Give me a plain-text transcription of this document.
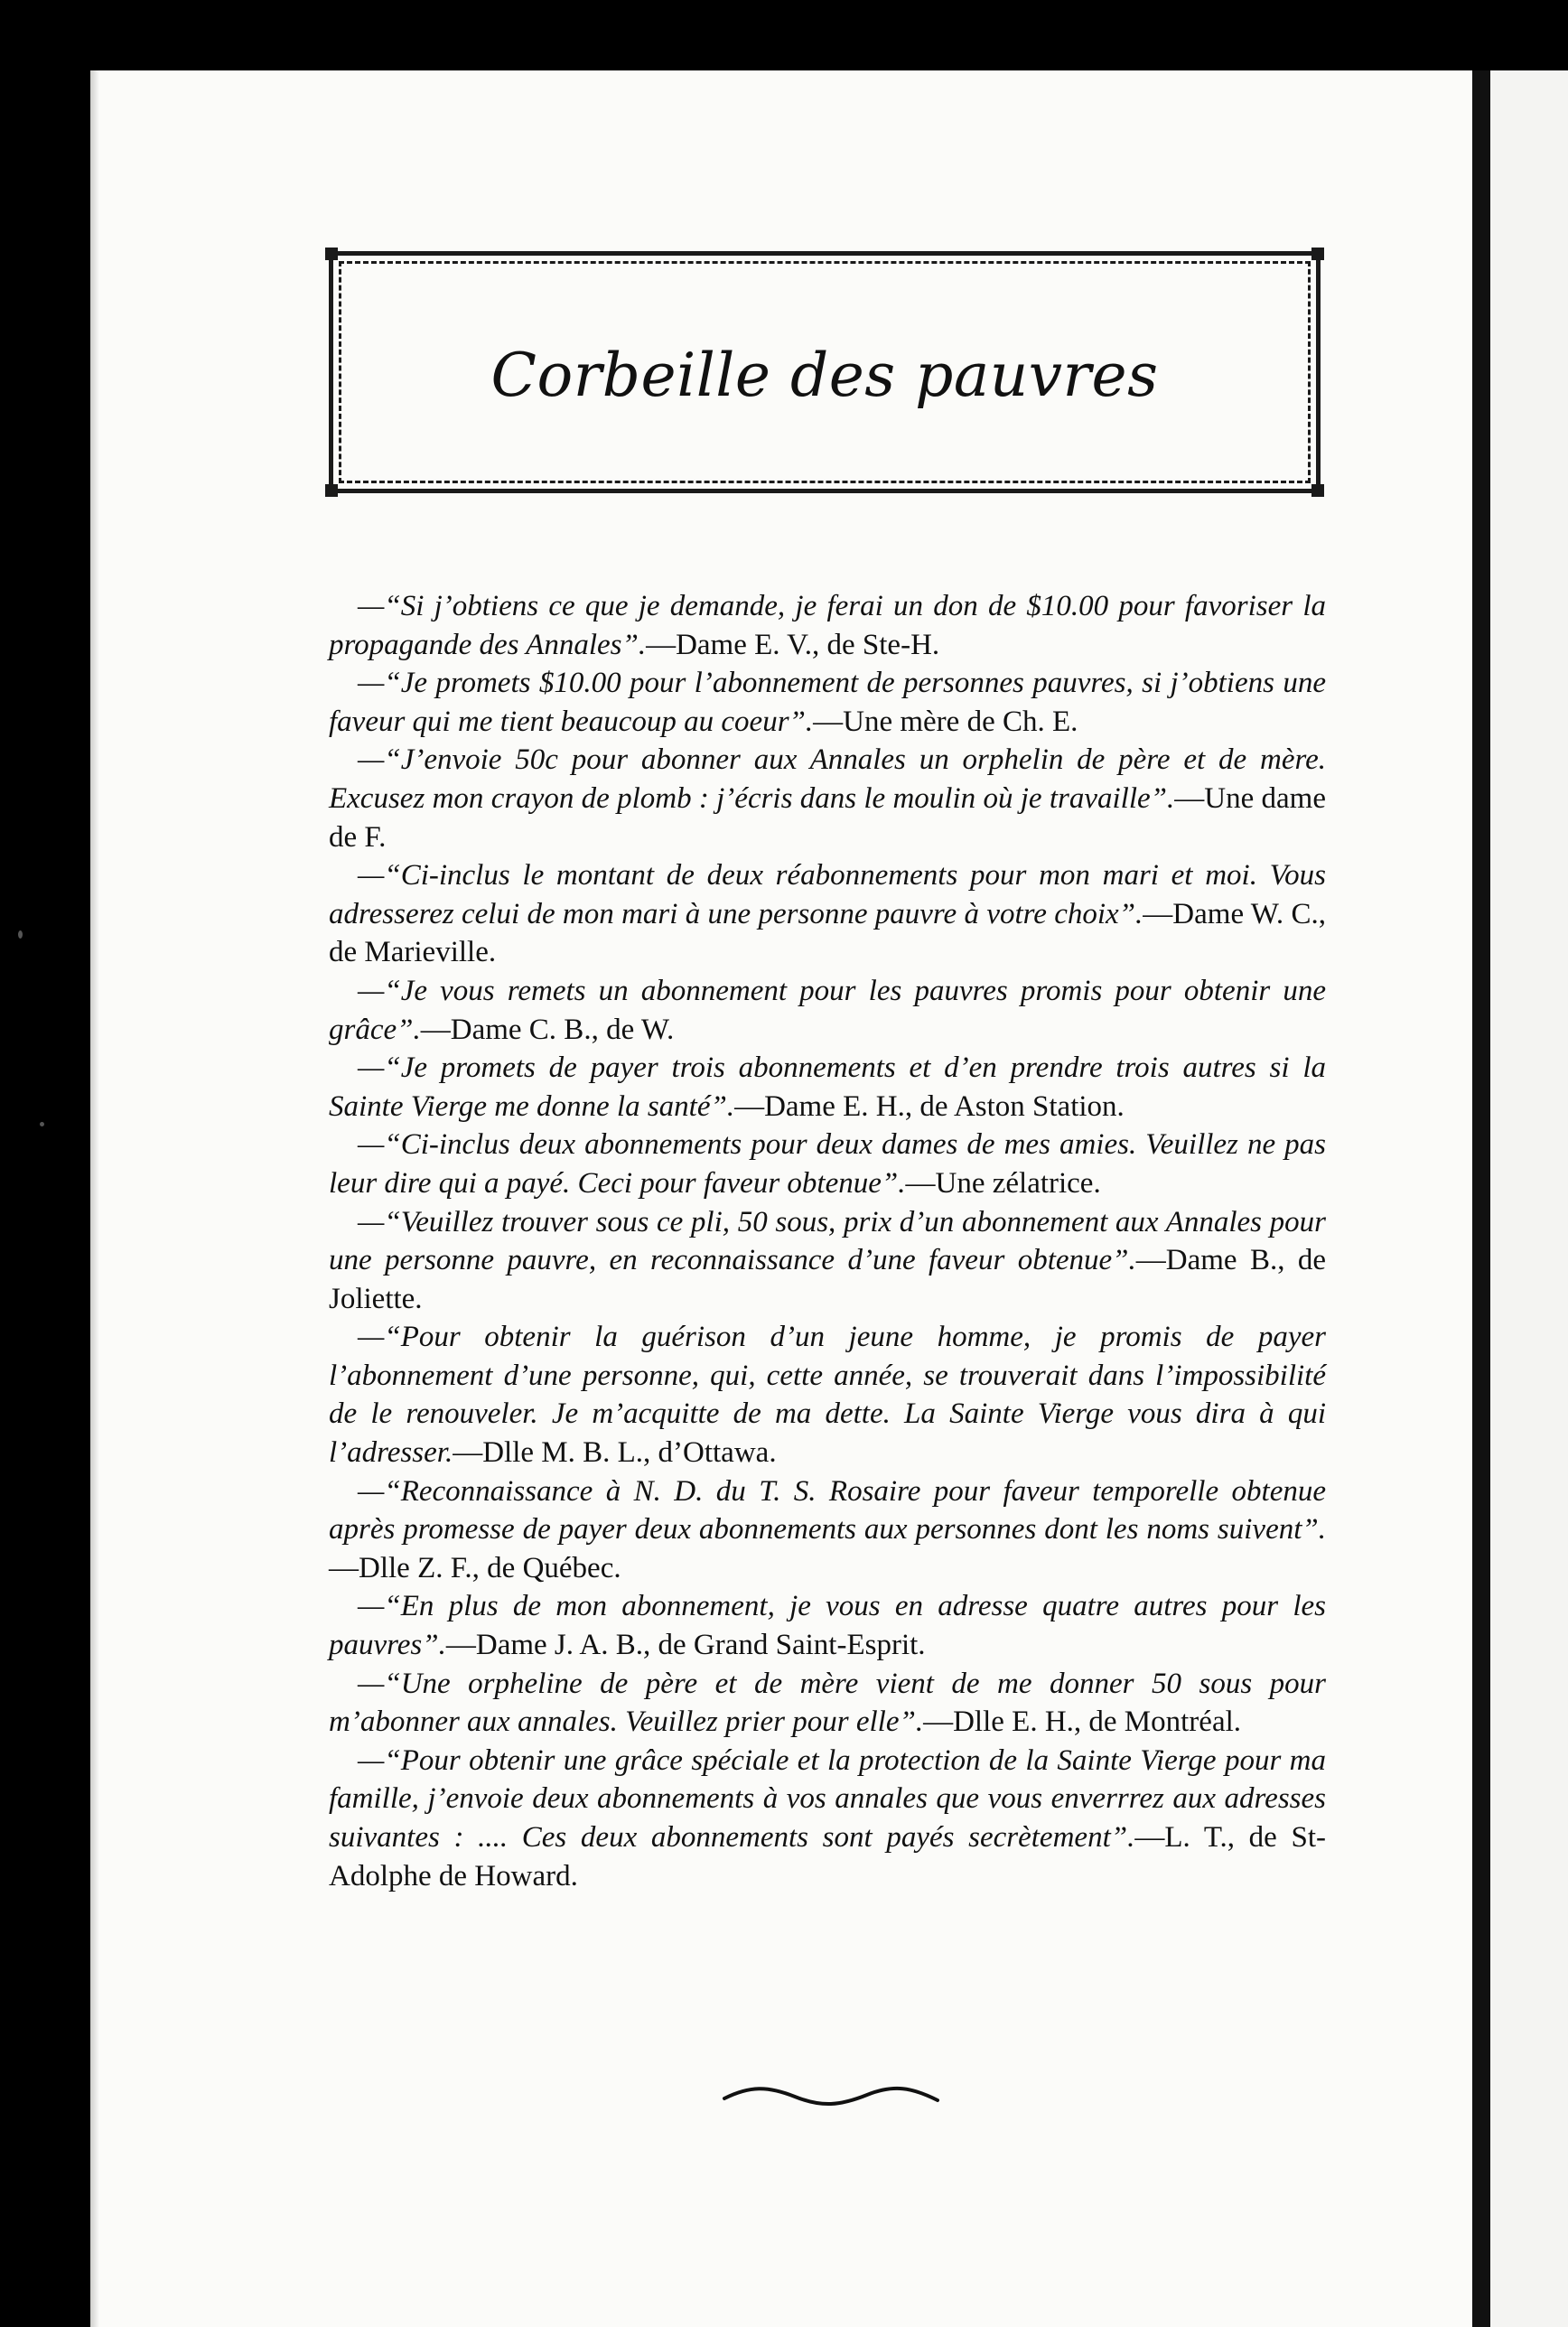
Corbeille des pauvres

—“Si j’obtiens ce que je demande, je ferai un don de $10.00 pour favoriser la propagande des Annales”.—Dame E. V., de Ste-H.

—“Je promets $10.00 pour l’abonnement de personnes pauvres, si j’obtiens une faveur qui me tient beaucoup au coeur”.—Une mère de Ch. E.

—“J’envoie 50c pour abonner aux Annales un orphelin de père et de mère. Excusez mon crayon de plomb : j’écris dans le moulin où je travaille”.—Une dame de F.

—“Ci-inclus le montant de deux réabonnements pour mon mari et moi. Vous adresserez celui de mon mari à une personne pauvre à votre choix”.—Dame W. C., de Marieville.

—“Je vous remets un abonnement pour les pauvres promis pour obtenir une grâce”.—Dame C. B., de W.

—“Je promets de payer trois abonnements et d’en prendre trois autres si la Sainte Vierge me donne la santé”.—Dame E. H., de Aston Station.

—“Ci-inclus deux abonnements pour deux dames de mes amies. Veuillez ne pas leur dire qui a payé. Ceci pour faveur obtenue”.—Une zélatrice.

—“Veuillez trouver sous ce pli, 50 sous, prix d’un abonnement aux Annales pour une personne pauvre, en reconnaissance d’une faveur obtenue”.—Dame B., de Joliette.

—“Pour obtenir la guérison d’un jeune homme, je promis de payer l’abonnement d’une personne, qui, cette année, se trouverait dans l’impossibilité de le renouveler. Je m’acquitte de ma dette. La Sainte Vierge vous dira à qui l’adresser.—Dlle M. B. L., d’Ottawa.

—“Reconnaissance à N. D. du T. S. Rosaire pour faveur temporelle obtenue après promesse de payer deux abonnements aux personnes dont les noms suivent”.—Dlle Z. F., de Québec.

—“En plus de mon abonnement, je vous en adresse quatre autres pour les pauvres”.—Dame J. A. B., de Grand Saint-Esprit.

—“Une orpheline de père et de mère vient de me donner 50 sous pour m’abonner aux annales. Veuillez prier pour elle”.—Dlle E. H., de Montréal.

—“Pour obtenir une grâce spéciale et la protection de la Sainte Vierge pour ma famille, j’envoie deux abonnements à vos annales que vous enverrrez aux adresses suivantes : .... Ces deux abonnements sont payés secrètement”.—L. T., de St-Adolphe de Howard.
